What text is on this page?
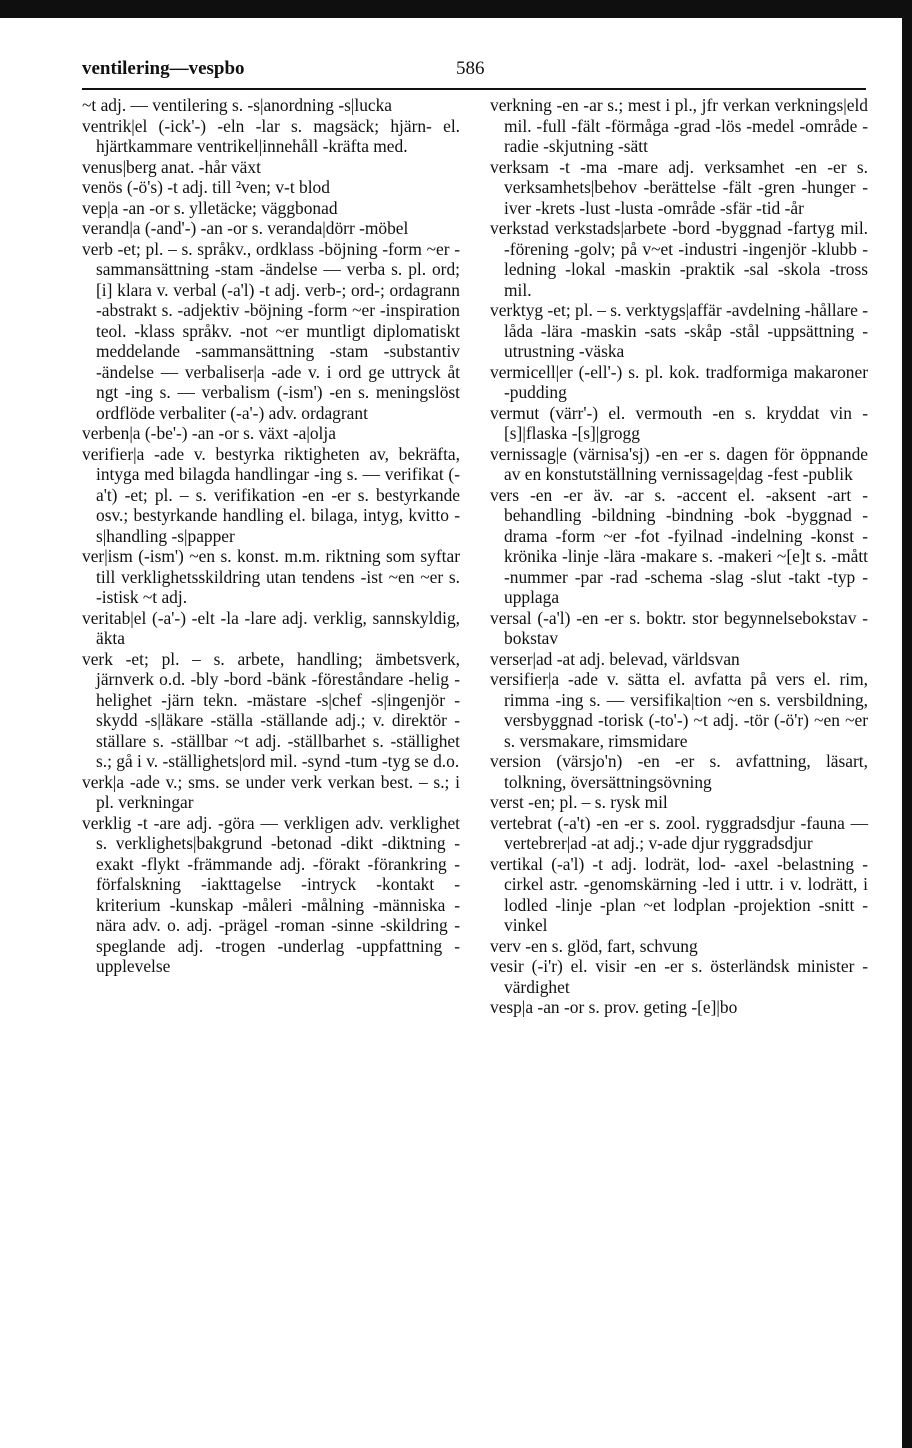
ventilering—vespbo	586

~t adj. — ventilering s. -s|anordning -s|lucka

ventrik|el (-ick'-) -eln -lar s. magsäck; hjärn- el. hjärtkammare ventrikel|innehåll -kräfta med.

venus|berg anat. -hår växt

venös (-ö's) -t adj. till ²ven; v-t blod

vep|a -an -or s. ylletäcke; väggbonad

verand|a (-and'-) -an -or s. veranda|dörr -möbel

verb -et; pl. – s. språkv., ordklass -böjning -form ~er -sammansättning -stam -ändelse — verba s. pl. ord; [i] klara v. verbal (-a'l) -t adj. verb-; ord-; ordagrann -abstrakt s. -adjektiv -böjning -form ~er -inspiration teol. -klass språkv. -not ~er muntligt diplomatiskt meddelande -sammansättning -stam -substantiv -ändelse — verbaliser|a -ade v. i ord ge uttryck åt ngt -ing s. — verbalism (-ism') -en s. meningslöst ordflöde verbaliter (-a'-) adv. ordagrant

verben|a (-be'-) -an -or s. växt -a|olja

verifier|a -ade v. bestyrka riktigheten av, bekräfta, intyga med bilagda handlingar -ing s. — verifikat (-a't) -et; pl. – s. verifikation -en -er s. bestyrkande osv.; bestyrkande handling el. bilaga, intyg, kvitto -s|handling -s|papper

ver|ism (-ism') ~en s. konst. m.m. riktning som syftar till verklighetsskildring utan tendens -ist ~en ~er s. -istisk ~t adj.

veritab|el (-a'-) -elt -la -lare adj. verklig, sannskyldig, äkta

verk -et; pl. – s. arbete, handling; ämbetsverk, järnverk o.d. -bly -bord -bänk -föreståndare -helig -helighet -järn tekn. -mästare -s|chef -s|ingenjör -skydd -s|läkare -ställa -ställande adj.; v. direktör -ställare s. -ställbar ~t adj. -ställbarhet s. -ställighet s.; gå i v. -ställighets|ord mil. -synd -tum -tyg se d.o.

verk|a -ade v.; sms. se under verk verkan best. – s.; i pl. verkningar

verklig -t -are adj. -göra — verkligen adv. verklighet s. verklighets|bakgrund -betonad -dikt -diktning -exakt -flykt -främmande adj. -förakt -förankring -förfalskning -iakttagelse -intryck -kontakt -kriterium -kunskap -måleri -målning -människa -nära adv. o. adj. -prägel -roman -sinne -skildring -speglande adj. -trogen -underlag -uppfattning -upplevelse

verkning -en -ar s.; mest i pl., jfr verkan verknings|eld mil. -full -fält -förmåga -grad -lös -medel -område -radie -skjutning -sätt

verksam -t -ma -mare adj. verksamhet -en -er s. verksamhets|behov -berättelse -fält -gren -hunger -iver -krets -lust -lusta -område -sfär -tid -år

verkstad verkstads|arbete -bord -byggnad -fartyg mil. -förening -golv; på v~et -industri -ingenjör -klubb -ledning -lokal -maskin -praktik -sal -skola -tross mil.

verktyg -et; pl. – s. verktygs|affär -avdelning -hållare -låda -lära -maskin -sats -skåp -stål -uppsättning -utrustning -väska

vermicell|er (-ell'-) s. pl. kok. tradformiga makaroner -pudding

vermut (värr'-) el. vermouth -en s. kryddat vin -[s]|flaska -[s]|grogg

vernissag|e (värnisa'sj) -en -er s. dagen för öppnande av en konstutställning vernissage|dag -fest -publik

vers -en -er äv. -ar s. -accent el. -aksent -art -behandling -bildning -bindning -bok -byggnad -drama -form ~er -fot -fyilnad -indelning -konst -krönika -linje -lära -makare s. -makeri ~[e]t s. -mått -nummer -par -rad -schema -slag -slut -takt -typ -upplaga

versal (-a'l) -en -er s. boktr. stor begynnelsebokstav -bokstav

verser|ad -at adj. belevad, världsvan

versifier|a -ade v. sätta el. avfatta på vers el. rim, rimma -ing s. — versifika|tion ~en s. versbildning, versbyggnad -torisk (-to'-) ~t adj. -tör (-ö'r) ~en ~er s. versmakare, rimsmidare

version (värsjo'n) -en -er s. avfattning, läsart, tolkning, översättningsövning

verst -en; pl. – s. rysk mil

vertebrat (-a't) -en -er s. zool. ryggradsdjur -fauna — vertebrer|ad -at adj.; v-ade djur ryggradsdjur

vertikal (-a'l) -t adj. lodrät, lod- -axel -belastning -cirkel astr. -genomskärning -led i uttr. i v. lodrätt, i lodled -linje -plan ~et lodplan -projektion -snitt -vinkel

verv -en s. glöd, fart, schvung

vesir (-i'r) el. visir -en -er s. österländsk minister -värdighet

vesp|a -an -or s. prov. geting -[e]|bo
